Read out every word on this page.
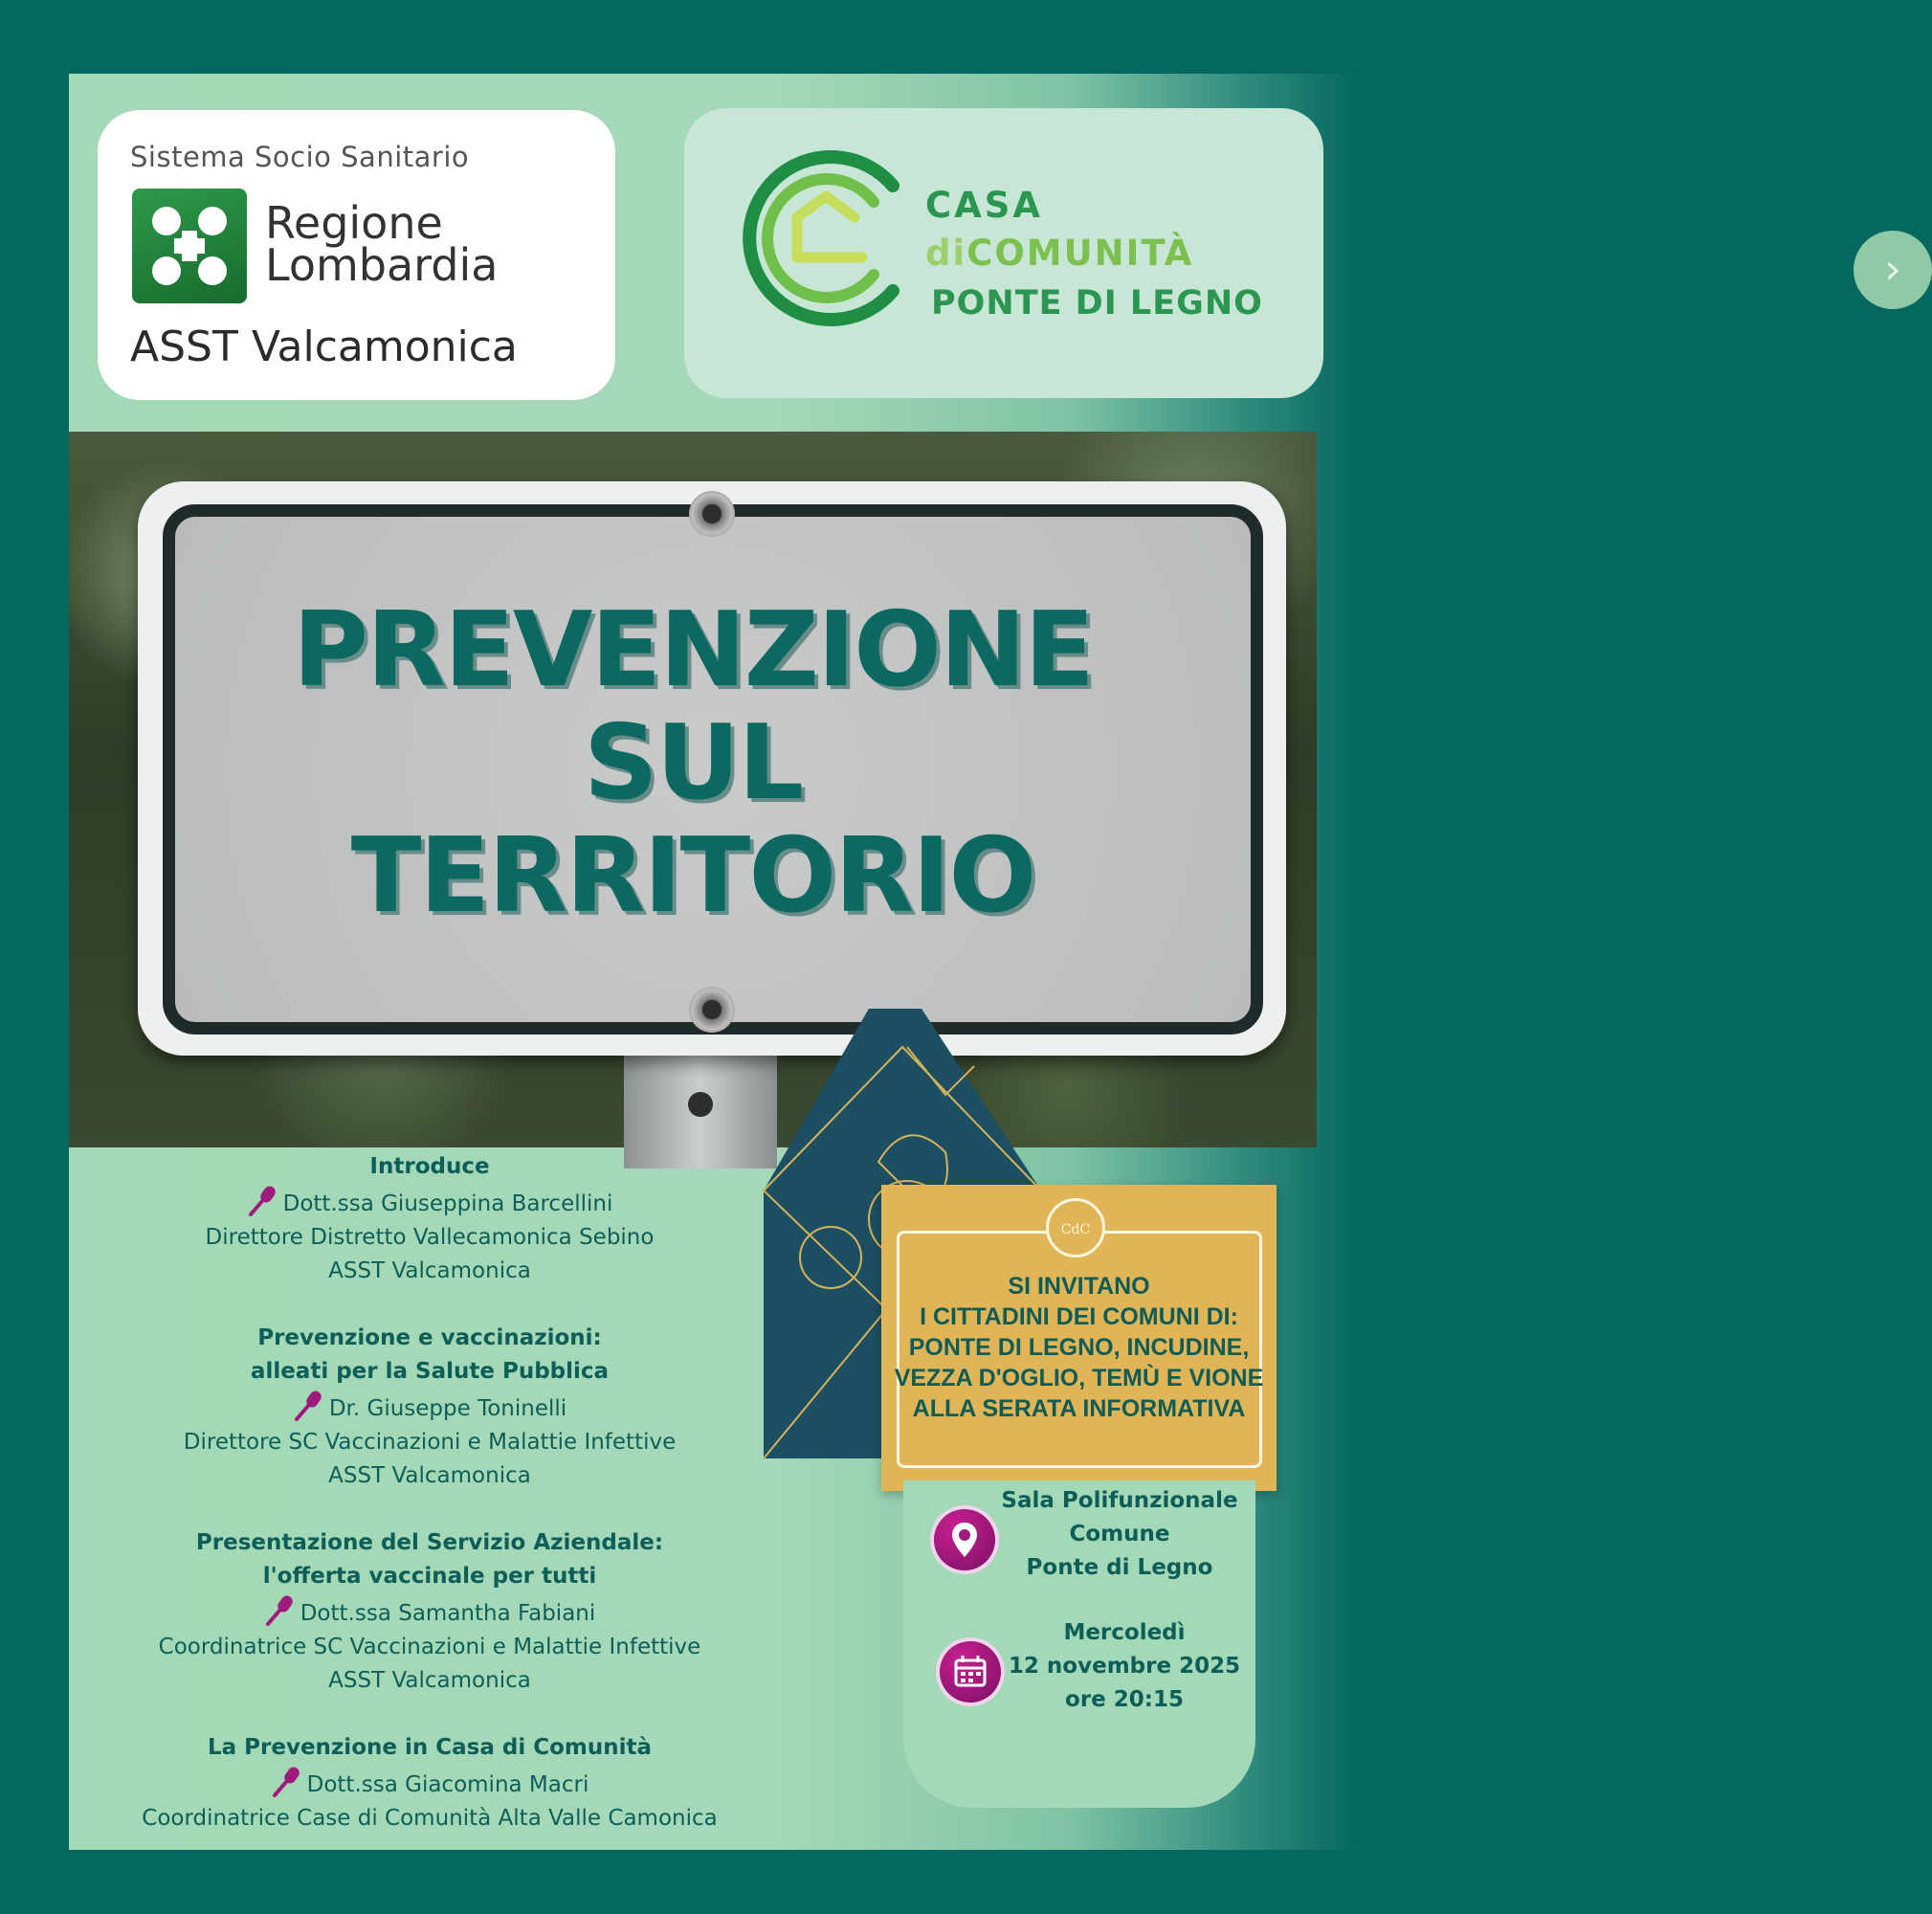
Sistema Socio Sanitario
Regione
Lombardia
ASST Valcamonica
CASA
diCOMUNITÀ
PONTE DI LEGNO
›
PREVENZIONE
SUL
TERRITORIO
CdC
SI INVITANO
I CITTADINI DEI COMUNI DI:
PONTE DI LEGNO, INCUDINE,
VEZZA D'OGLIO, TEMÙ E VIONE
ALLA SERATA INFORMATIVA
Sala Polifunzionale
Comune
Ponte di Legno
Mercoledì
12 novembre 2025
ore 20:15
Introduce
Dott.ssa Giuseppina Barcellini
Direttore Distretto Vallecamonica Sebino
ASST Valcamonica
Prevenzione e vaccinazioni:
alleati per la Salute Pubblica
Dr. Giuseppe Toninelli
Direttore SC Vaccinazioni e Malattie Infettive
ASST Valcamonica
Presentazione del Servizio Aziendale:
l'offerta vaccinale per tutti
Dott.ssa Samantha Fabiani
Coordinatrice SC Vaccinazioni e Malattie Infettive
ASST Valcamonica
La Prevenzione in Casa di Comunità
Dott.ssa Giacomina Macri
Coordinatrice Case di Comunità Alta Valle Camonica
